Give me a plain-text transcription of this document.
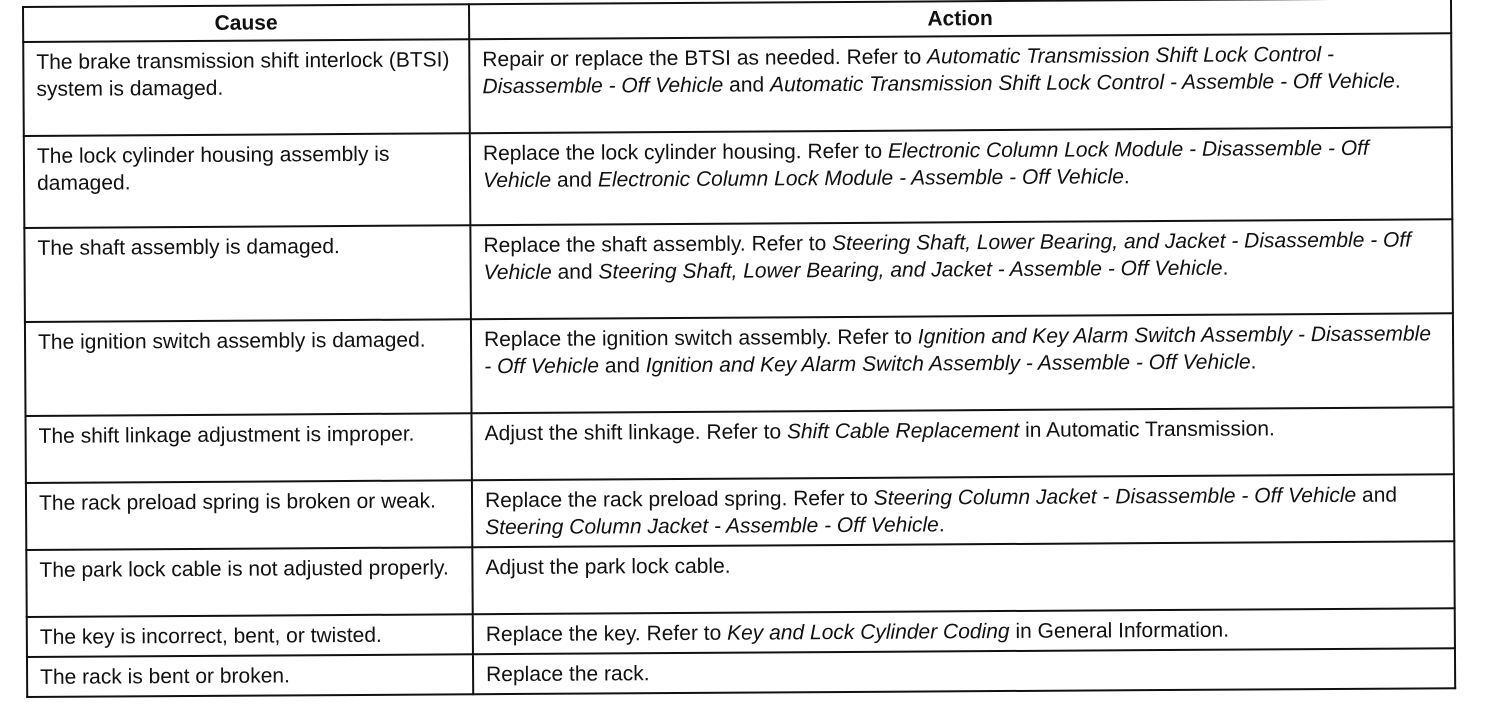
Cause	Action
The brake transmission shift interlock (BTSI) system is damaged.	Repair or replace the BTSI as needed. Refer to Automatic Transmission Shift Lock Control - Disassemble - Off Vehicle and Automatic Transmission Shift Lock Control - Assemble - Off Vehicle.
The lock cylinder housing assembly is damaged.	Replace the lock cylinder housing. Refer to Electronic Column Lock Module - Disassemble - Off Vehicle and Electronic Column Lock Module - Assemble - Off Vehicle.
The shaft assembly is damaged.	Replace the shaft assembly. Refer to Steering Shaft, Lower Bearing, and Jacket - Disassemble - Off Vehicle and Steering Shaft, Lower Bearing, and Jacket - Assemble - Off Vehicle.
The ignition switch assembly is damaged.	Replace the ignition switch assembly. Refer to Ignition and Key Alarm Switch Assembly - Disassemble - Off Vehicle and Ignition and Key Alarm Switch Assembly - Assemble - Off Vehicle.
The shift linkage adjustment is improper.	Adjust the shift linkage. Refer to Shift Cable Replacement in Automatic Transmission.
The rack preload spring is broken or weak.	Replace the rack preload spring. Refer to Steering Column Jacket - Disassemble - Off Vehicle and Steering Column Jacket - Assemble - Off Vehicle.
The park lock cable is not adjusted properly.	Adjust the park lock cable.
The key is incorrect, bent, or twisted.	Replace the key. Refer to Key and Lock Cylinder Coding in General Information.
The rack is bent or broken.	Replace the rack.
